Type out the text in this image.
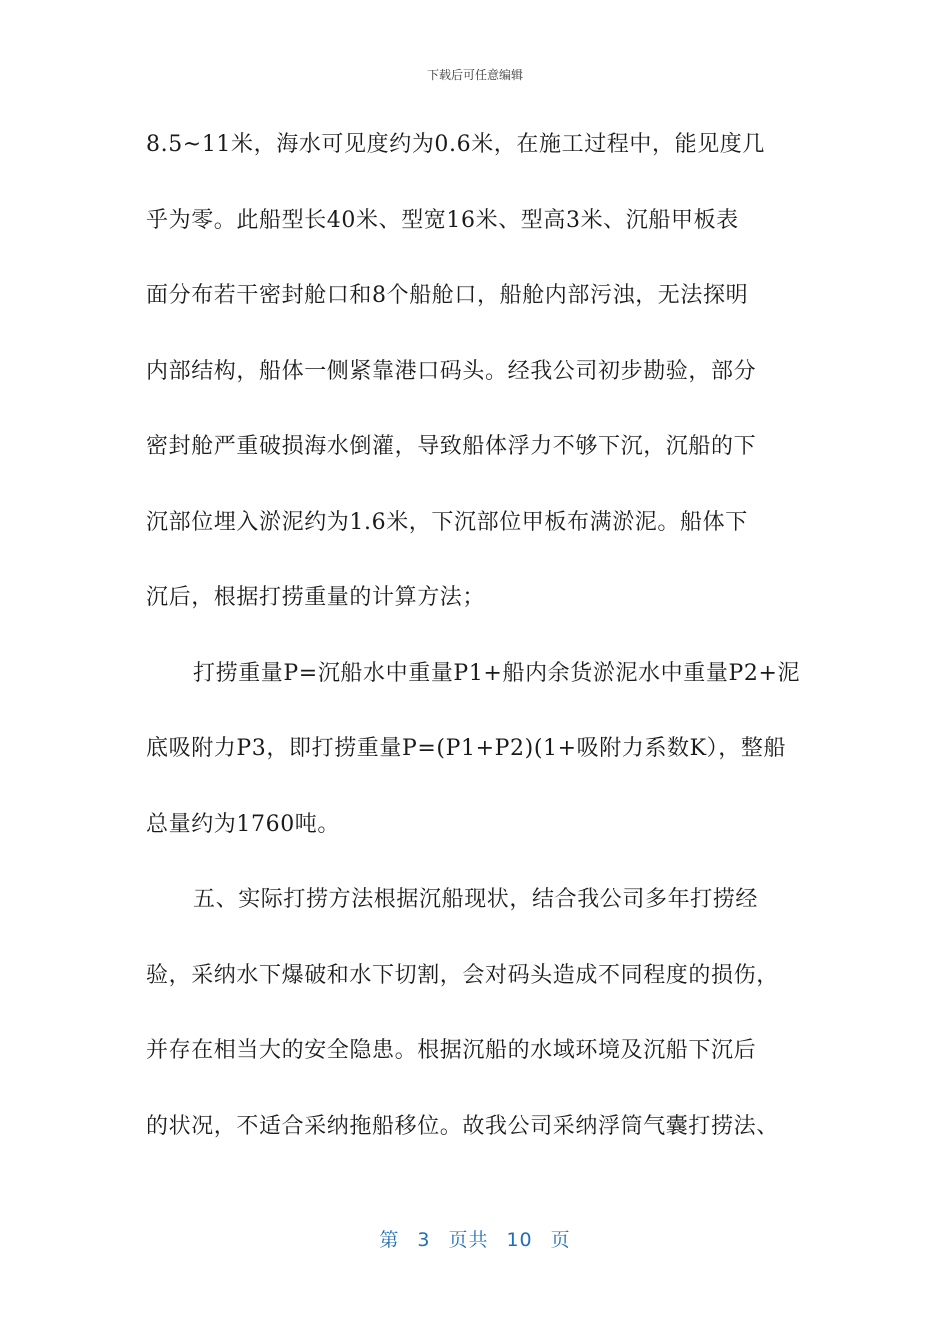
下载后可任意编辑
8.5~11米，海水可见度约为0.6米，在施工过程中，能见度几
乎为零。此船型长40米、型宽16米、型高3米、沉船甲板表
面分布若干密封舱口和8个船舱口，船舱内部污浊，无法探明
内部结构，船体一侧紧靠港口码头。经我公司初步勘验，部分
密封舱严重破损海水倒灌，导致船体浮力不够下沉，沉船的下
沉部位埋入淤泥约为1.6米，下沉部位甲板布满淤泥。船体下
沉后，根据打捞重量的计算方法；
打捞重量P=沉船水中重量P1+船内余货淤泥水中重量P2+泥
底吸附力P3，即打捞重量P=(P1+P2)(1+吸附力系数K），整船
总量约为1760吨。
五、实际打捞方法根据沉船现状，结合我公司多年打捞经
验，采纳水下爆破和水下切割，会对码头造成不同程度的损伤，
并存在相当大的安全隐患。根据沉船的水域环境及沉船下沉后
的状况，不适合采纳拖船移位。故我公司采纳浮筒气囊打捞法、
第 3 页共 10 页
